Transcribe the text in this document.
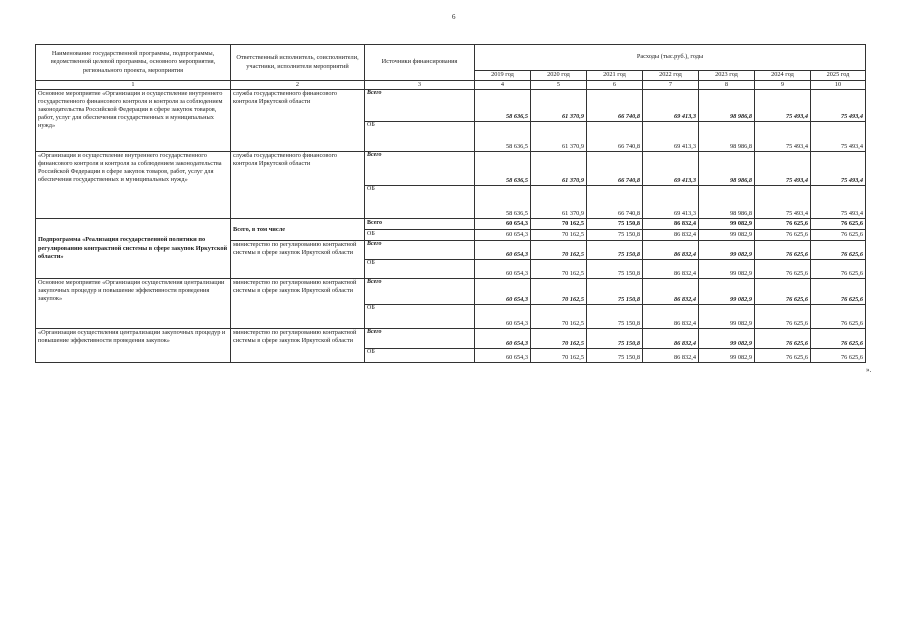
6
Наименование государственной программы, подпрограммы, ведомственной целевой программы, основного мероприятия, регионального проекта, мероприятия	Ответственный исполнитель, соисполнители, участники, исполнители мероприятий	Источники финансирования	Расходы (тыс.руб.), годы						
			2019 год	2020 год	2021 год	2022 год	2023 год	2024 год	2025 год
1	2	3	4	5	6	7	8	9	10
Основное мероприятие «Организация и осуществление внутреннего государственного финансового контроля и контроля за соблюдением законодательства Российской Федерации в сфере закупок товаров, работ, услуг для обеспечения государственных и муниципальных нужд»	служба государственного финансового контроля Иркутской области	Всего	58 636,5	61 370,9	66 740,8	69 413,3	98 986,8	75 493,4	75 493,4
		ОБ	58 636,5	61 370,9	66 740,8	69 413,3	98 986,8	75 493,4	75 493,4
«Организация и осуществление внутреннего государственного финансового контроля и контроля за соблюдением законодательства Российской Федерации в сфере закупок товаров, работ, услуг для обеспечения государственных и муниципальных нужд»	служба государственного финансового контроля Иркутской области	Всего	58 636,5	61 370,9	66 740,8	69 413,3	98 986,8	75 493,4	75 493,4
		ОБ	58 636,5	61 370,9	66 740,8	69 413,3	98 986,8	75 493,4	75 493,4
Подпрограмма «Реализация государственной политики по регулированию контрактной системы в сфере закупок Иркутской области»	Всего, в том числе	Всего	60 654,3	70 162,5	75 150,8	86 832,4	99 082,9	76 625,6	76 625,6
		ОБ	60 654,3	70 162,5	75 150,8	86 832,4	99 082,9	76 625,6	76 625,6
	министерство по регулированию контрактной системы в сфере закупок Иркутской области	Всего	60 654,3	70 162,5	75 150,8	86 832,4	99 082,9	76 625,6	76 625,6
		ОБ	60 654,3	70 162,5	75 150,8	86 832,4	99 082,9	76 625,6	76 625,6
Основное мероприятие «Организация осуществления централизации закупочных процедур и повышение эффективности проведения закупок»	министерство по регулированию контрактной системы в сфере закупок Иркутской области	Всего	60 654,3	70 162,5	75 150,8	86 832,4	99 082,9	76 625,6	76 625,6
		ОБ	60 654,3	70 162,5	75 150,8	86 832,4	99 082,9	76 625,6	76 625,6
«Организация осуществления централизации закупочных процедур и повышение эффективности проведения закупок»	министерство по регулированию контрактной системы в сфере закупок Иркутской области	Всего	60 654,3	70 162,5	75 150,8	86 832,4	99 082,9	76 625,6	76 625,6
		ОБ	60 654,3	70 162,5	75 150,8	86 832,4	99 082,9	76 625,6	76 625,6
».
